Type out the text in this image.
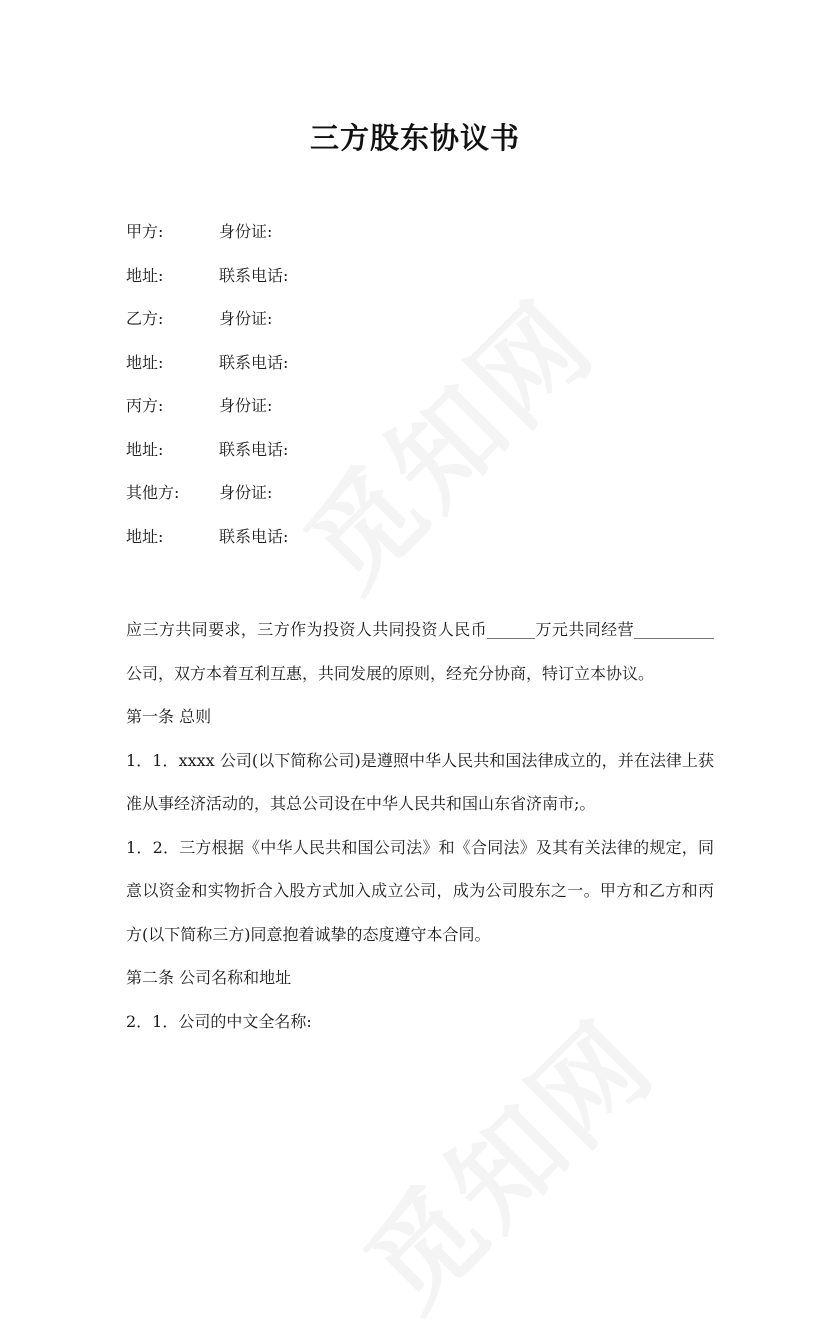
三方股东协议书
甲方:	身份证:
地址:	联系电话:
乙方:	身份证:
地址:	联系电话:
丙方:	身份证:
地址:	联系电话:
其他方: 身份证:
地址:	联系电话:

应三方共同要求，三方作为投资人共同投资人民币______万元共同经营__________公司，双方本着互利互惠，共同发展的原则，经充分协商，特订立本协议。

第一条 总则

1．1．xxxx 公司(以下简称公司)是遵照中华人民共和国法律成立的，并在法律上获准从事经济活动的，其总公司设在中华人民共和国山东省济南市;。

1．2．三方根据《中华人民共和国公司法》和《合同法》及其有关法律的规定，同意以资金和实物折合入股方式加入成立公司，成为公司股东之一。甲方和乙方和丙方(以下简称三方)同意抱着诚挚的态度遵守本合同。

第二条 公司名称和地址

2．1．公司的中文全名称:
